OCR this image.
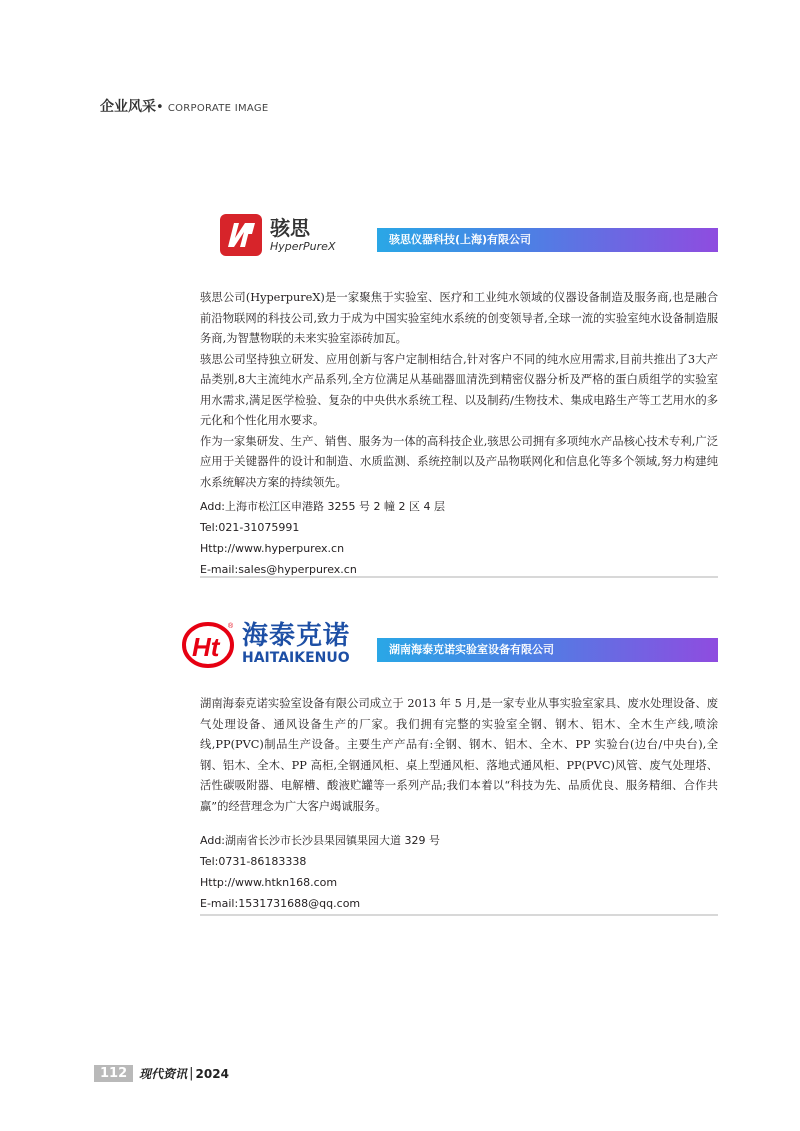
企业风采• CORPORATE IMAGE
骇思
HyperPureX
骇思仪器科技(上海)有限公司

骇思公司(HyperpureX)是一家聚焦于实验室、医疗和工业纯水领域的仪器设备制造及服务商,也是融合前沿物联网的科技公司,致力于成为中国实验室纯水系统的创变领导者,全球一流的实验室纯水设备制造服务商,为智慧物联的未来实验室添砖加瓦。

骇思公司坚持独立研发、应用创新与客户定制相结合,针对客户不同的纯水应用需求,目前共推出了3大产品类别,8大主流纯水产品系列,全方位满足从基础器皿清洗到精密仪器分析及严格的蛋白质组学的实验室用水需求,满足医学检验、复杂的中央供水系统工程、以及制药/生物技术、集成电路生产等工艺用水的多元化和个性化用水要求。

作为一家集研发、生产、销售、服务为一体的高科技企业,骇思公司拥有多项纯水产品核心技术专利,广泛应用于关键器件的设计和制造、水质监测、系统控制以及产品物联网化和信息化等多个领域,努力构建纯水系统解决方案的持续领先。

Add:上海市松江区申港路 3255 号 2 幢 2 区 4 层
Tel:021-31075991
Http://www.hyperpurex.cn
E-mail:sales@hyperpurex.cn
Ht
® 海泰克诺
HAITAIKENUO
湖南海泰克诺实验室设备有限公司

湖南海泰克诺实验室设备有限公司成立于 2013 年 5 月,是一家专业从事实验室家具、废水处理设备、废气处理设备、通风设备生产的厂家。我们拥有完整的实验室全钢、钢木、铝木、全木生产线,喷涂线,PP(PVC)制品生产设备。主要生产产品有:全钢、钢木、铝木、全木、PP 实验台(边台/中央台),全钢、铝木、全木、PP 高柜,全钢通风柜、桌上型通风柜、落地式通风柜、PP(PVC)风管、废气处理塔、活性碳吸附器、电解槽、酸液贮罐等一系列产品;我们本着以“科技为先、品质优良、服务精细、合作共赢”的经营理念为广大客户竭诚服务。

Add:湖南省长沙市长沙县果园镇果园大道 329 号
Tel:0731-86183338
Http://www.htkn168.com
E-mail:1531731688@qq.com
112	现代资讯 | 2024
